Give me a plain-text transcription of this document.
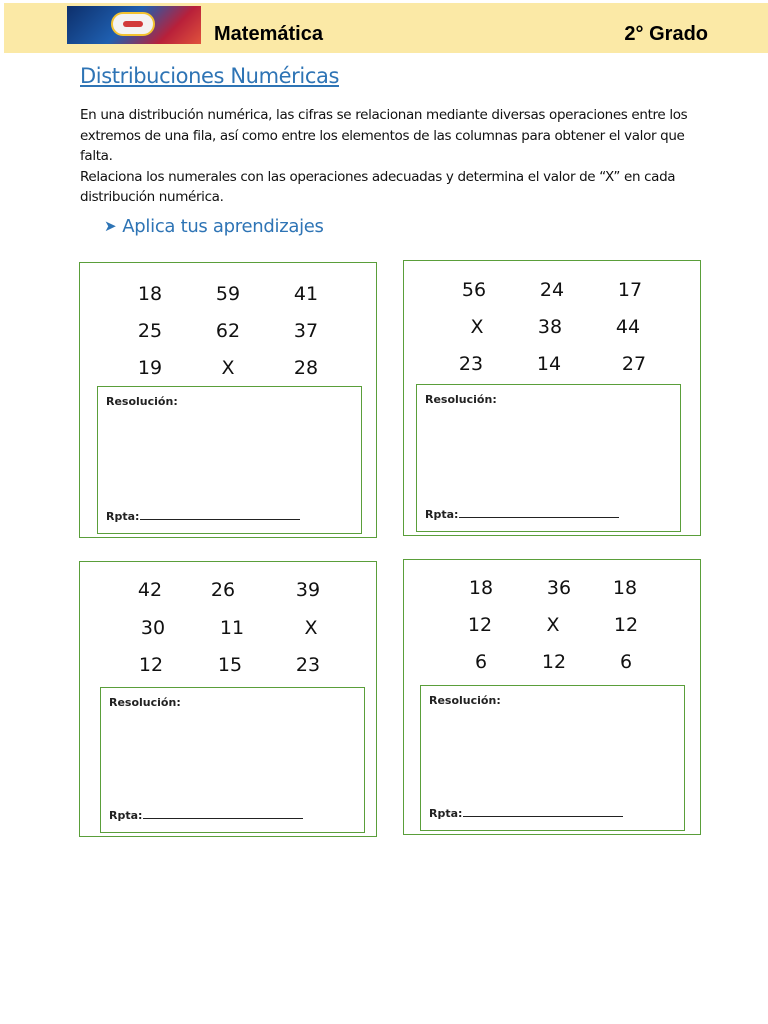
Matemática	2° Grado
Distribuciones Numéricas

En una distribución numérica, las cifras se relacionan mediante diversas operaciones entre los extremos de una fila, así como entre los elementos de las columnas para obtener el valor que falta.

Relaciona los numerales con las operaciones adecuadas y determina el valor de “X” en cada distribución numérica.

➤ Aplica tus aprendizajes
18	59	41
25	62	37
19	X	28
Resolución:
Rpta:
56	24	17
X	38	44
23	14	27
Resolución:
Rpta:
42	26	39
30	11	X
12	15	23
Resolución:
Rpta:
18	36 18
12	X	12
6	12	6
Resolución:
Rpta:
